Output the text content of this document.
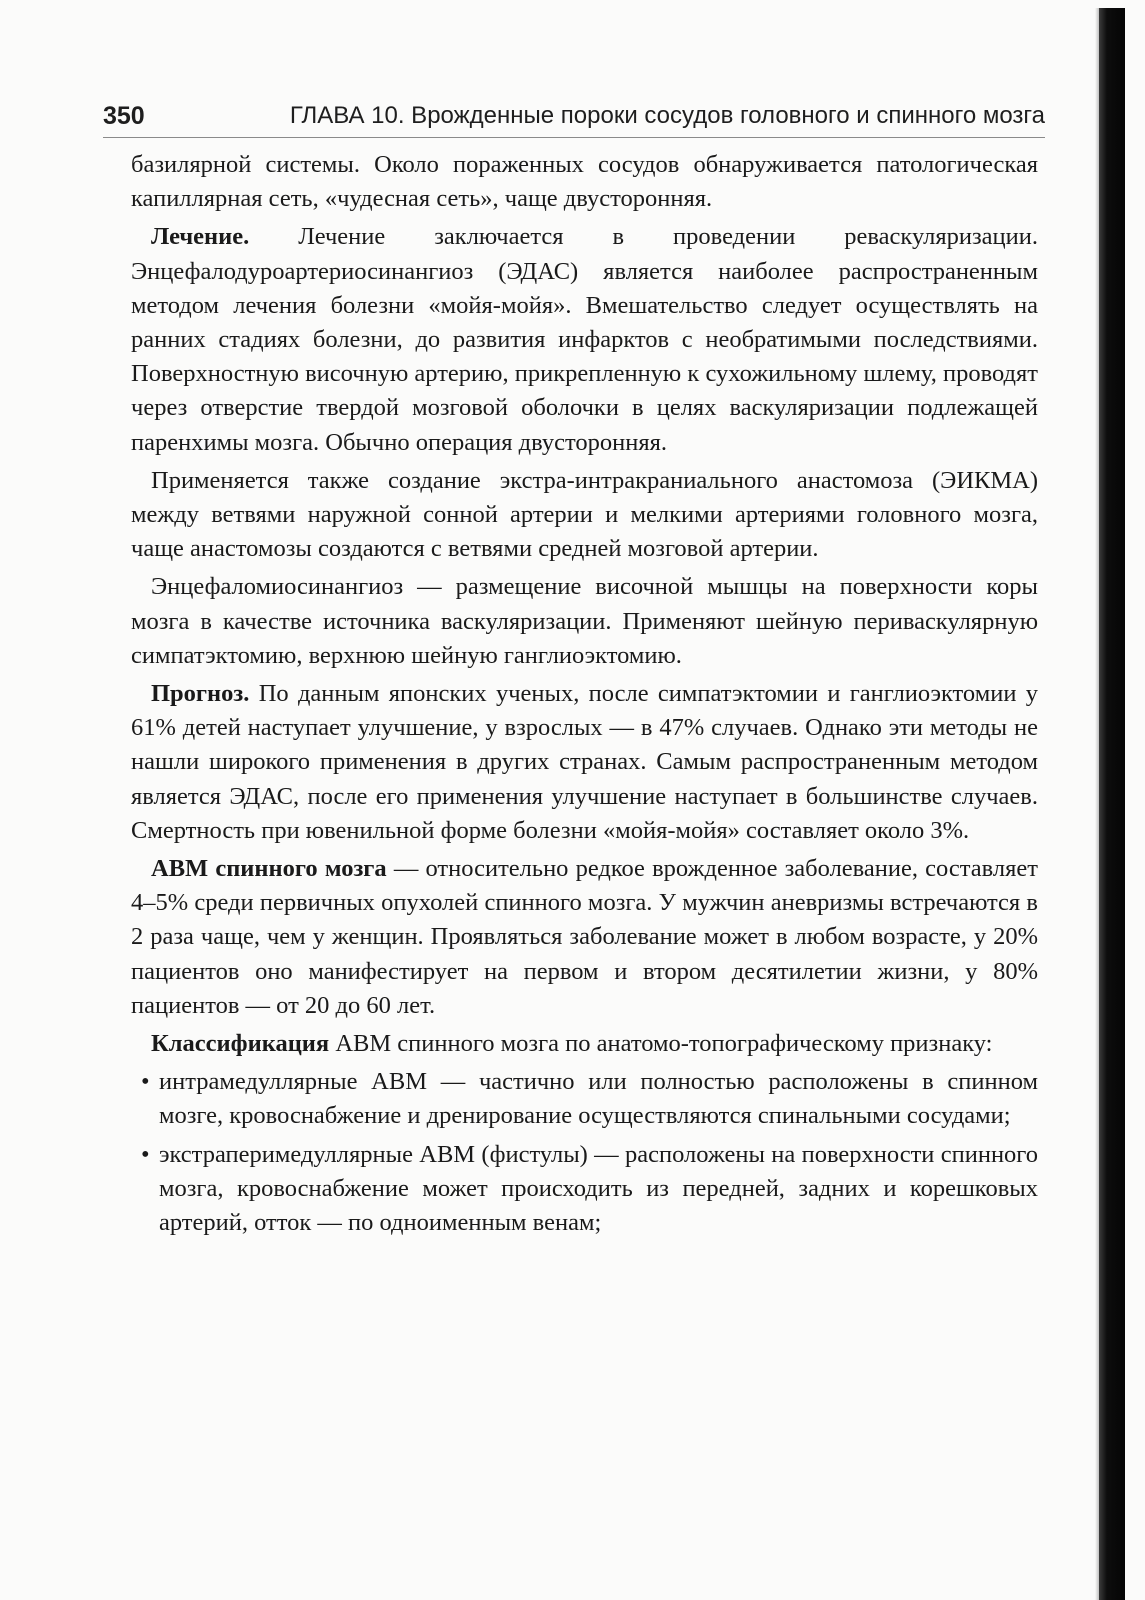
350	ГЛАВА 10. Врожденные пороки сосудов головного и спинного мозга

базилярной системы. Около пораженных сосудов обнаруживается патологическая капиллярная сеть, «чудесная сеть», чаще двусторонняя.

Лечение. Лечение заключается в проведении реваскуляризации. Энцефалодуроартериосинангиоз (ЭДАС) является наиболее распространенным методом лечения болезни «мойя-мойя». Вмешательство следует осуществлять на ранних стадиях болезни, до развития инфарктов с необратимыми последствиями. Поверхностную височную артерию, прикрепленную к сухожильному шлему, проводят через отверстие твердой мозговой оболочки в целях васкуляризации подлежащей паренхимы мозга. Обычно операция двусторонняя.

Применяется также создание экстра-интракраниального анастомоза (ЭИКМА) между ветвями наружной сонной артерии и мелкими артериями головного мозга, чаще анастомозы создаются с ветвями средней мозговой артерии.

Энцефаломиосинангиоз — размещение височной мышцы на поверхности коры мозга в качестве источника васкуляризации. Применяют шейную периваскулярную симпатэктомию, верхнюю шейную ганглиоэктомию.

Прогноз. По данным японских ученых, после симпатэктомии и ганглиоэктомии у 61% детей наступает улучшение, у взрослых — в 47% случаев. Однако эти методы не нашли широкого применения в других странах. Самым распространенным методом является ЭДАС, после его применения улучшение наступает в большинстве случаев. Смертность при ювенильной форме болезни «мойя-мойя» составляет около 3%.

АВМ спинного мозга — относительно редкое врожденное заболевание, составляет 4–5% среди первичных опухолей спинного мозга. У мужчин аневризмы встречаются в 2 раза чаще, чем у женщин. Проявляться заболевание может в любом возрасте, у 20% пациентов оно манифестирует на первом и втором десятилетии жизни, у 80% пациентов — от 20 до 60 лет.

Классификация АВМ спинного мозга по анатомо-топографическому признаку:

• интрамедуллярные АВМ — частично или полностью расположены в спинном мозге, кровоснабжение и дренирование осуществляются спинальными сосудами;
• экстраперимедуллярные АВМ (фистулы) — расположены на поверхности спинного мозга, кровоснабжение может происходить из передней, задних и корешковых артерий, отток — по одноименным венам;
